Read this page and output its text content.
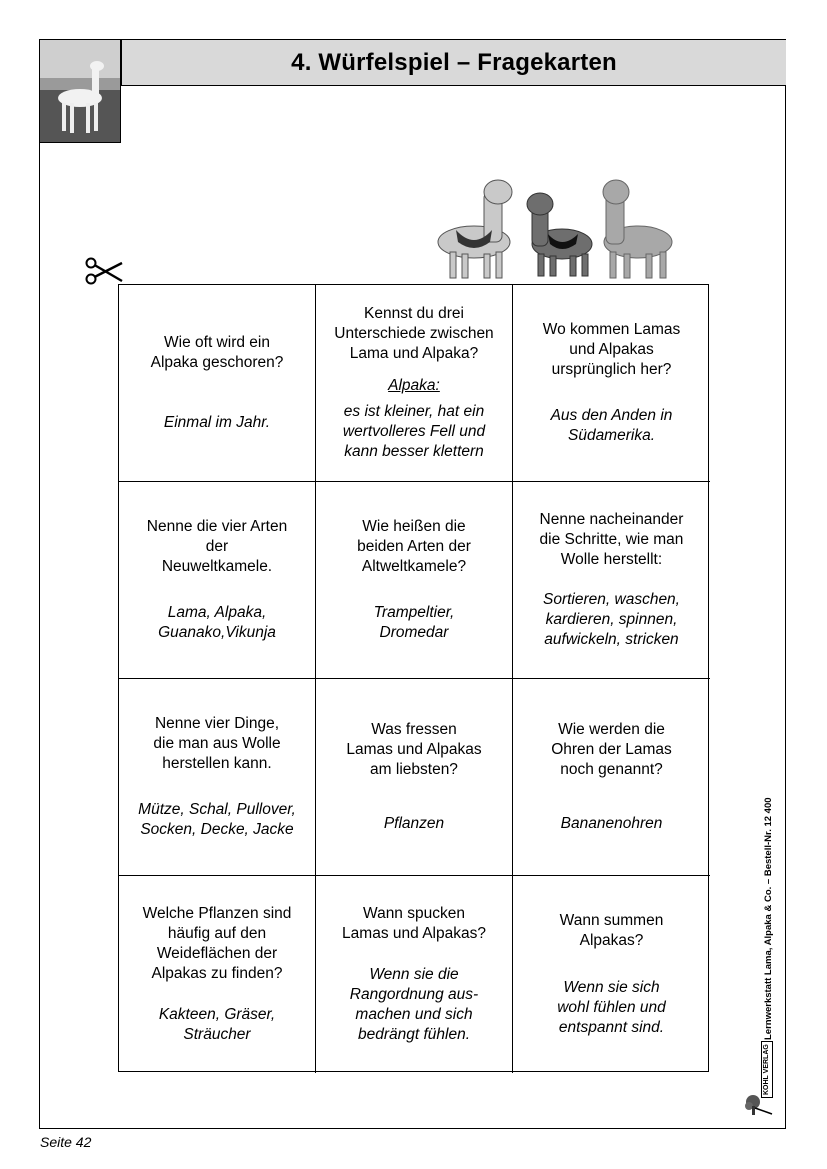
4. Würfelspiel – Fragekarten
Wie oft wird ein
Alpaka geschoren?
Einmal im Jahr.
Kennst du drei
Unterschiede zwischen
Lama und Alpaka?
Alpaka:
es ist kleiner, hat ein
wertvolleres Fell und
kann besser klettern
Wo kommen Lamas
und Alpakas
ursprünglich her?
Aus den Anden in
Südamerika.
Nenne die vier Arten
der
Neuweltkamele.
Lama, Alpaka,
Guanako,Vikunja
Wie heißen die
beiden Arten der
Altweltkamele?
Trampeltier,
Dromedar
Nenne nacheinander
die Schritte, wie man
Wolle herstellt:
Sortieren, waschen,
kardieren, spinnen,
aufwickeln, stricken
Nenne vier Dinge,
die man aus Wolle
herstellen kann.
Mütze, Schal, Pullover,
Socken, Decke, Jacke
Was fressen
Lamas und Alpakas
am liebsten?
Pflanzen
Wie werden die
Ohren der Lamas
noch genannt?
Bananenohren
Welche Pflanzen sind
häufig auf den
Weideflächen der
Alpakas zu finden?
Kakteen, Gräser,
Sträucher
Wann spucken
Lamas und Alpakas?
Wenn sie die
Rangordnung aus-
machen und sich
bedrängt fühlen.
Wann summen
Alpakas?
Wenn sie sich
wohl fühlen und
entspannt sind.	Lernwerkstatt Lama, Alpaka & Co. – Bestell-Nr. 12 400
KOHL VERLAG
Seite 42
